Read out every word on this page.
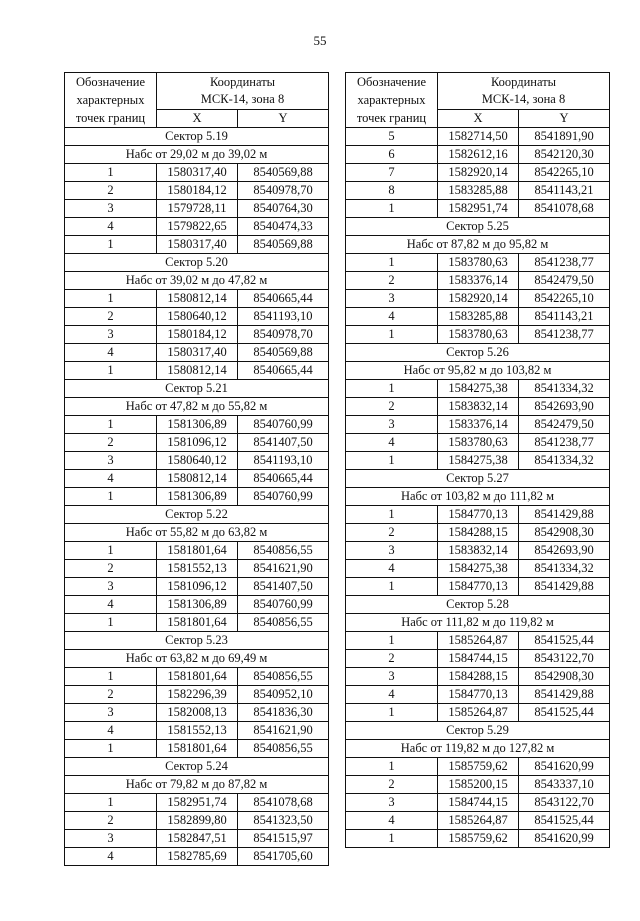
55
Обозначение
характерных
точек границ	Координаты
МСК-14, зона 8	

	X	Y
Сектор 5.19		
Набс от 29,02 м до 39,02 м		
1	1580317,40	8540569,88
2	1580184,12	8540978,70
3	1579728,11	8540764,30
4	1579822,65	8540474,33
1	1580317,40	8540569,88
Сектор 5.20		
Набс от 39,02 м до 47,82 м		
1	1580812,14	8540665,44
2	1580640,12	8541193,10
3	1580184,12	8540978,70
4	1580317,40	8540569,88
1	1580812,14	8540665,44
Сектор 5.21		
Набс от 47,82 м до 55,82 м		
1	1581306,89	8540760,99
2	1581096,12	8541407,50
3	1580640,12	8541193,10
4	1580812,14	8540665,44
1	1581306,89	8540760,99
Сектор 5.22		
Набс от 55,82 м до 63,82 м		
1	1581801,64	8540856,55
2	1581552,13	8541621,90
3	1581096,12	8541407,50
4	1581306,89	8540760,99
1	1581801,64	8540856,55
Сектор 5.23		
Набс от 63,82 м до 69,49 м		
1	1581801,64	8540856,55
2	1582296,39	8540952,10
3	1582008,13	8541836,30
4	1581552,13	8541621,90
1	1581801,64	8540856,55
Сектор 5.24		
Набс от 79,82 м до 87,82 м		
1	1582951,74	8541078,68
2	1582899,80	8541323,50
3	1582847,51	8541515,97
4	1582785,69	8541705,60
Обозначение
характерных
точек границ	Координаты
МСК-14, зона 8	

	X	Y
5	1582714,50	8541891,90
6	1582612,16	8542120,30
7	1582920,14	8542265,10
8	1583285,88	8541143,21
1	1582951,74	8541078,68
Сектор 5.25		
Набс от 87,82 м до 95,82 м		
1	1583780,63	8541238,77
2	1583376,14	8542479,50
3	1582920,14	8542265,10
4	1583285,88	8541143,21
1	1583780,63	8541238,77
Сектор 5.26		
Набс от 95,82 м до 103,82 м		
1	1584275,38	8541334,32
2	1583832,14	8542693,90
3	1583376,14	8542479,50
4	1583780,63	8541238,77
1	1584275,38	8541334,32
Сектор 5.27		
Набс от 103,82 м до 111,82 м		
1	1584770,13	8541429,88
2	1584288,15	8542908,30
3	1583832,14	8542693,90
4	1584275,38	8541334,32
1	1584770,13	8541429,88
Сектор 5.28		
Набс от 111,82 м до 119,82 м		
1	1585264,87	8541525,44
2	1584744,15	8543122,70
3	1584288,15	8542908,30
4	1584770,13	8541429,88
1	1585264,87	8541525,44
Сектор 5.29		
Набс от 119,82 м до 127,82 м		
1	1585759,62	8541620,99
2	1585200,15	8543337,10
3	1584744,15	8543122,70
4	1585264,87	8541525,44
1	1585759,62	8541620,99
